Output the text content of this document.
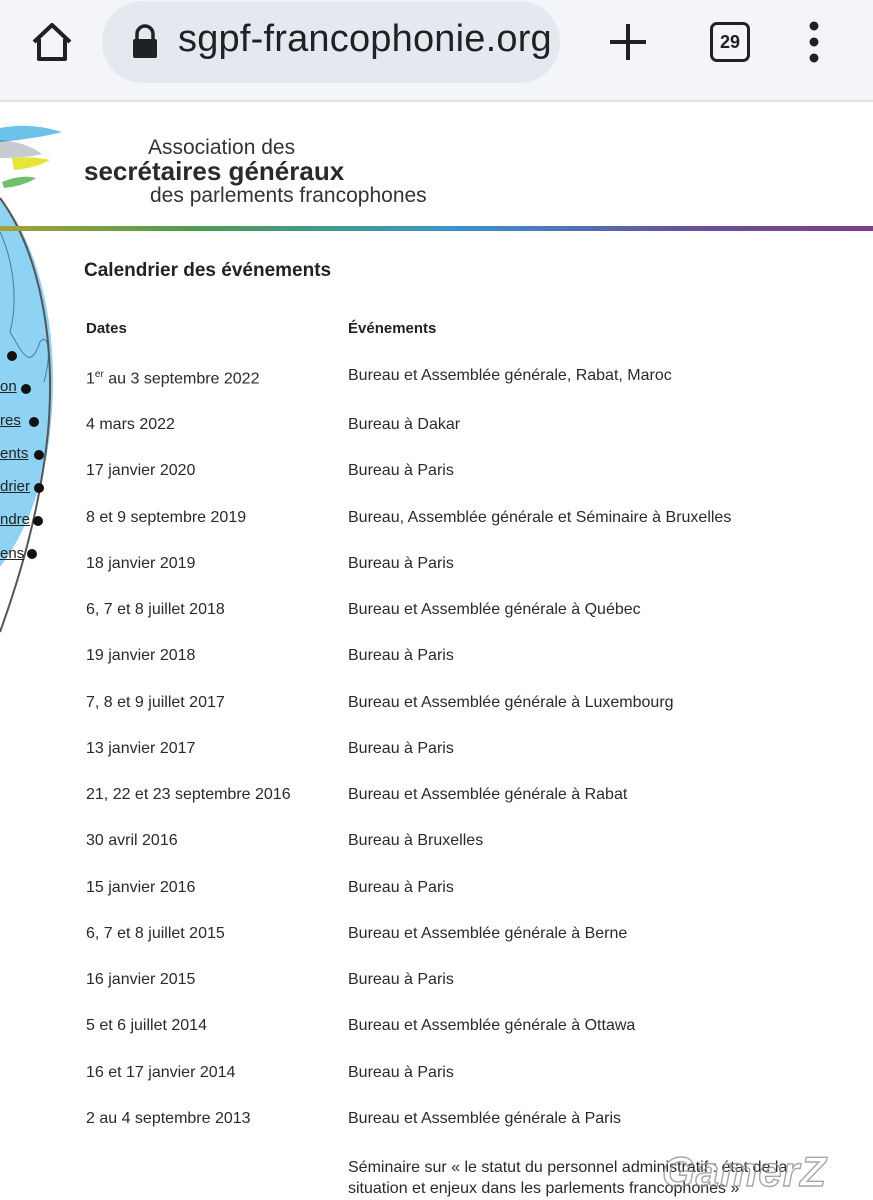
sgpf-francophonie.org	29
on
res
ents
drier
ndre
ens
Association des
secrétaires généraux
des parlements francophones
Calendrier des événements
Dates	Événements
1er au 3 septembre 2022	Bureau et Assemblée générale, Rabat, Maroc
4 mars 2022	Bureau à Dakar
17 janvier 2020	Bureau à Paris
8 et 9 septembre 2019	Bureau, Assemblée générale et Séminaire à Bruxelles
18 janvier 2019	Bureau à Paris
6, 7 et 8 juillet 2018	Bureau et Assemblée générale à Québec
19 janvier 2018	Bureau à Paris
7, 8 et 9 juillet 2017	Bureau et Assemblée générale à Luxembourg
13 janvier 2017	Bureau à Paris
21, 22 et 23 septembre 2016	Bureau et Assemblée générale à Rabat
30 avril 2016	Bureau à Bruxelles
15 janvier 2016	Bureau à Paris
6, 7 et 8 juillet 2015	Bureau et Assemblée générale à Berne
16 janvier 2015	Bureau à Paris
5 et 6 juillet 2014	Bureau et Assemblée générale à Ottawa
16 et 17 janvier 2014	Bureau à Paris
2 au 4 septembre 2013	Bureau et Assemblée générale à Paris
Séminaire sur « le statut du personnel administratif : état de la situation et enjeux dans les parlements francophones »
GamerZ
